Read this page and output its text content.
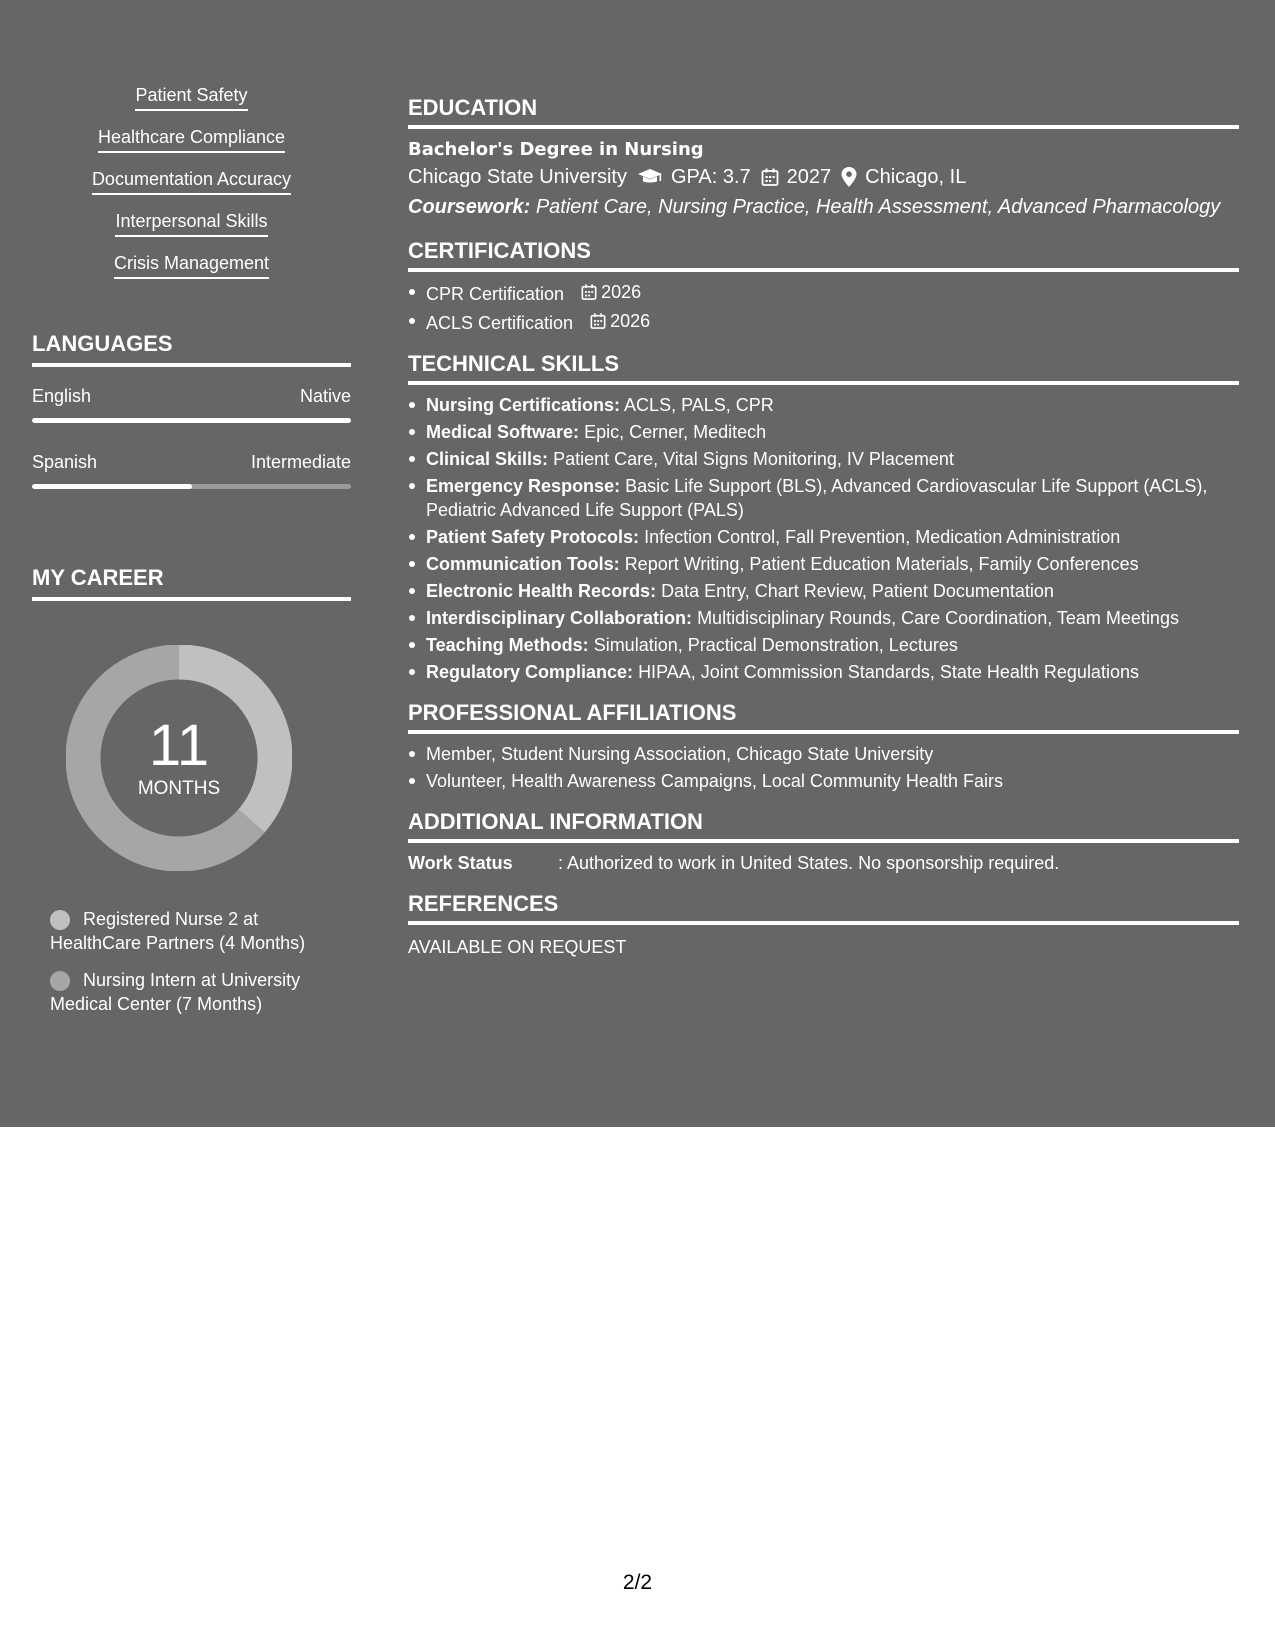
Patient Safety
Healthcare Compliance
Documentation Accuracy
Interpersonal Skills
Crisis Management
LANGUAGES
English	Native
Spanish	Intermediate
MY CAREER
11
MONTHS
Registered Nurse 2 at HealthCare Partners (4 Months)
Nursing Intern at University Medical Center (7 Months)
EDUCATION
Bachelor's Degree in Nursing
Chicago State University GPA: 3.7 2027 Chicago, IL
Coursework: Patient Care, Nursing Practice, Health Assessment, Advanced Pharmacology
CERTIFICATIONS
CPR Certification 2026
ACLS Certification 2026
TECHNICAL SKILLS
Nursing Certifications: ACLS, PALS, CPR
Medical Software: Epic, Cerner, Meditech
Clinical Skills: Patient Care, Vital Signs Monitoring, IV Placement
Emergency Response: Basic Life Support (BLS), Advanced Cardiovascular Life Support (ACLS), Pediatric Advanced Life Support (PALS)
Patient Safety Protocols: Infection Control, Fall Prevention, Medication Administration
Communication Tools: Report Writing, Patient Education Materials, Family Conferences
Electronic Health Records: Data Entry, Chart Review, Patient Documentation
Interdisciplinary Collaboration: Multidisciplinary Rounds, Care Coordination, Team Meetings
Teaching Methods: Simulation, Practical Demonstration, Lectures
Regulatory Compliance: HIPAA, Joint Commission Standards, State Health Regulations
PROFESSIONAL AFFILIATIONS
Member, Student Nursing Association, Chicago State University
Volunteer, Health Awareness Campaigns, Local Community Health Fairs
ADDITIONAL INFORMATION
Work Status	: Authorized to work in United States. No sponsorship required.
REFERENCES
AVAILABLE ON REQUEST
2/2
